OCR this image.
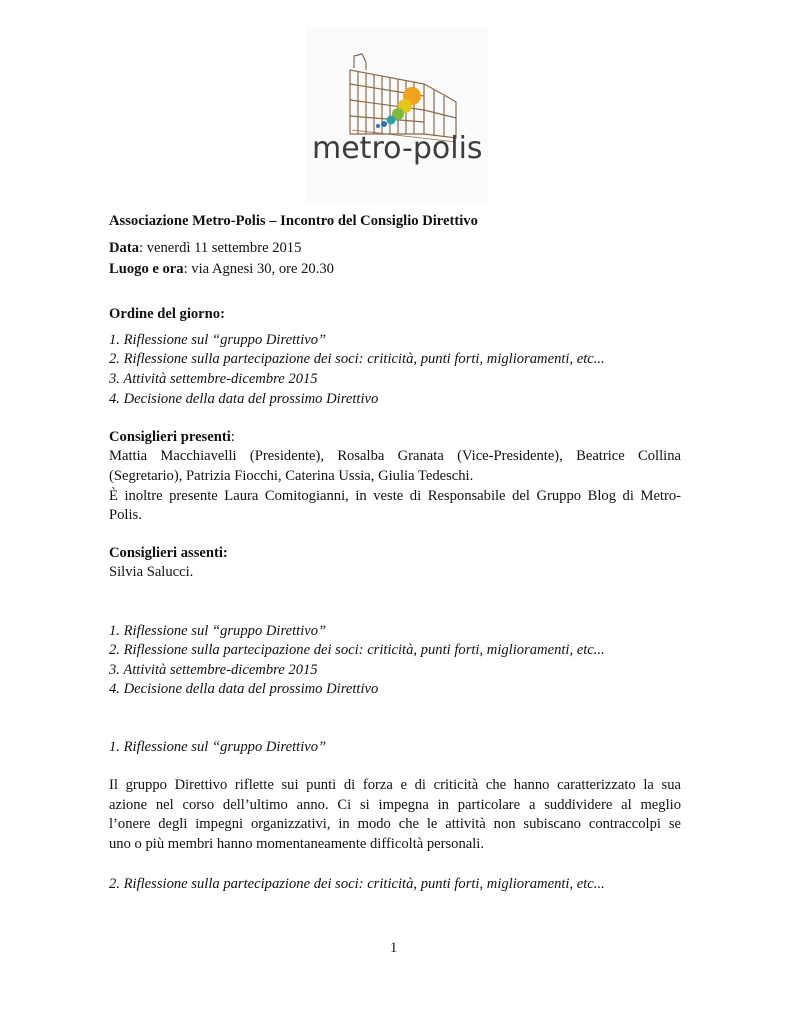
metro-polis
Associazione Metro-Polis – Incontro del Consiglio Direttivo
Data: venerdì 11 settembre 2015
Luogo e ora: via Agnesi 30, ore 20.30
Ordine del giorno:
1. Riflessione sul “gruppo Direttivo”
2. Riflessione sulla partecipazione dei soci: criticità, punti forti, miglioramenti, etc...
3. Attività settembre-dicembre 2015
4. Decisione della data del prossimo Direttivo
Consiglieri presenti:
Mattia Macchiavelli (Presidente), Rosalba Granata (Vice-Presidente), Beatrice Collina
(Segretario), Patrizia Fiocchi, Caterina Ussia, Giulia Tedeschi.
È inoltre presente Laura Comitogianni, in veste di Responsabile del Gruppo Blog di Metro-
Polis.
Consiglieri assenti:
Silvia Salucci.
1. Riflessione sul “gruppo Direttivo”
2. Riflessione sulla partecipazione dei soci: criticità, punti forti, miglioramenti, etc...
3. Attività settembre-dicembre 2015
4. Decisione della data del prossimo Direttivo
1. Riflessione sul “gruppo Direttivo”
Il gruppo Direttivo riflette sui punti di forza e di criticità che hanno caratterizzato la sua
azione nel corso dell’ultimo anno. Ci si impegna in particolare a suddividere al meglio
l’onere degli impegni organizzativi, in modo che le attività non subiscano contraccolpi se
uno o più membri hanno momentaneamente difficoltà personali.
2. Riflessione sulla partecipazione dei soci: criticità, punti forti, miglioramenti, etc...
1
